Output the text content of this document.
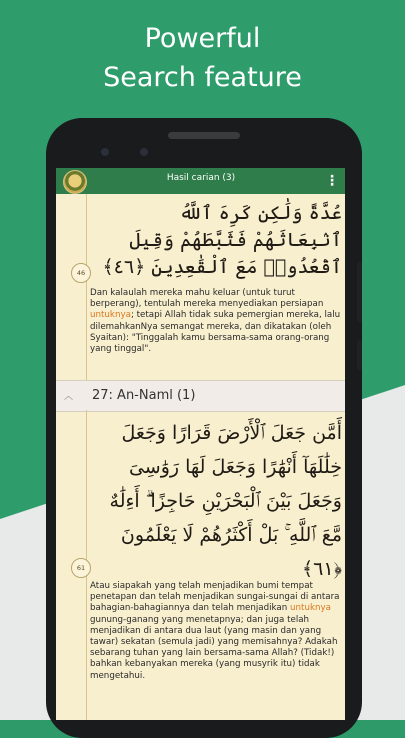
Powerful
Search feature
Hasil carian (3)	⋮
عُدَّةً وَلَٰكِن كَرِهَ ٱللَّهُ ٱنۢبِعَاثَهُمْ فَثَبَّطَهُمْ وَقِيلَ ٱقْعُدُوا۟ مَعَ ٱلْقَٰعِدِينَ ﴿٤٦﴾
46
Dan kalaulah mereka mahu keluar (untuk turut berperang), tentulah mereka menyediakan persiapan untuknya; tetapi Allah tidak suka pemergian mereka, lalu dilemahkanNya semangat mereka, dan dikatakan (oleh Syaitan): "Tinggalah kamu bersama-sama orang-orang yang tinggal".
︿ 27: An-Naml (1)
أَمَّن جَعَلَ ٱلْأَرْضَ قَرَارًا وَجَعَلَ خِلَٰلَهَآ أَنْهَٰرًا وَجَعَلَ لَهَا رَوَٰسِىَ وَجَعَلَ بَيْنَ ٱلْبَحْرَيْنِ حَاجِزًا ۗ أَءِلَٰهٌ مَّعَ ٱللَّهِ ۚ بَلْ أَكْثَرُهُمْ لَا يَعْلَمُونَ ﴿٦١﴾
61
Atau siapakah yang telah menjadikan bumi tempat penetapan dan telah menjadikan sungai-sungai di antara bahagian-bahagiannya dan telah menjadikan untuknya gunung-ganang yang menetapnya; dan juga telah menjadikan di antara dua laut (yang masin dan yang tawar) sekatan (semula jadi) yang memisahnya? Adakah sebarang tuhan yang lain bersama-sama Allah? (Tidak!) bahkan kebanyakan mereka (yang musyrik itu) tidak mengetahui.
